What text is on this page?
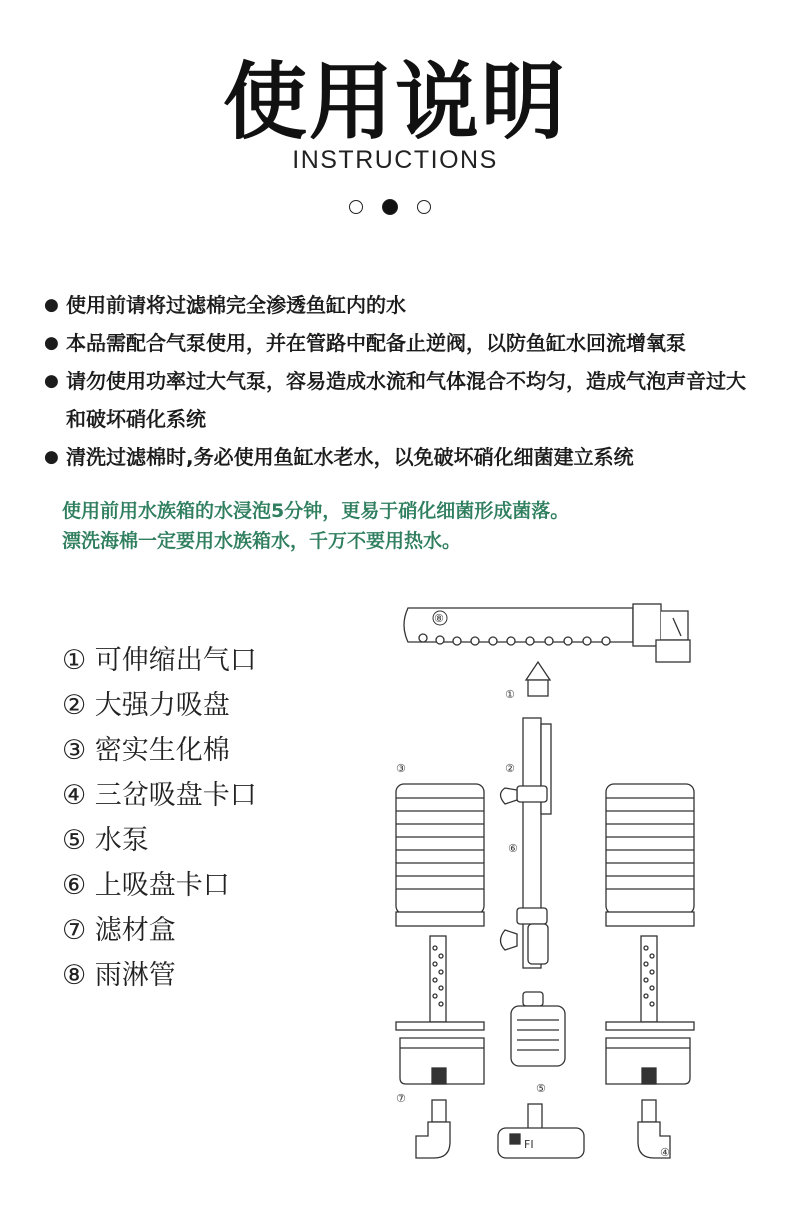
使用说明
INSTRUCTIONS
● 使用前请将过滤棉完全渗透鱼缸内的水
● 本品需配合气泵使用，并在管路中配备止逆阀，以防鱼缸水回流增氧泵
● 请勿使用功率过大气泵，容易造成水流和气体混合不均匀，造成气泡声音过大和破坏硝化系统
● 清洗过滤棉时,务必使用鱼缸水老水，以免破坏硝化细菌建立系统
使用前用水族箱的水浸泡5分钟，更易于硝化细菌形成菌落。
漂洗海棉一定要用水族箱水，千万不要用热水。
① 可伸缩出气口
② 大强力吸盘
③ 密实生化棉
④ 三岔吸盘卡口
⑤ 水泵
⑥ 上吸盘卡口
⑦ 滤材盒
⑧ 雨淋管
FI
⑧
①
③	②
⑥
⑤
⑦
④
